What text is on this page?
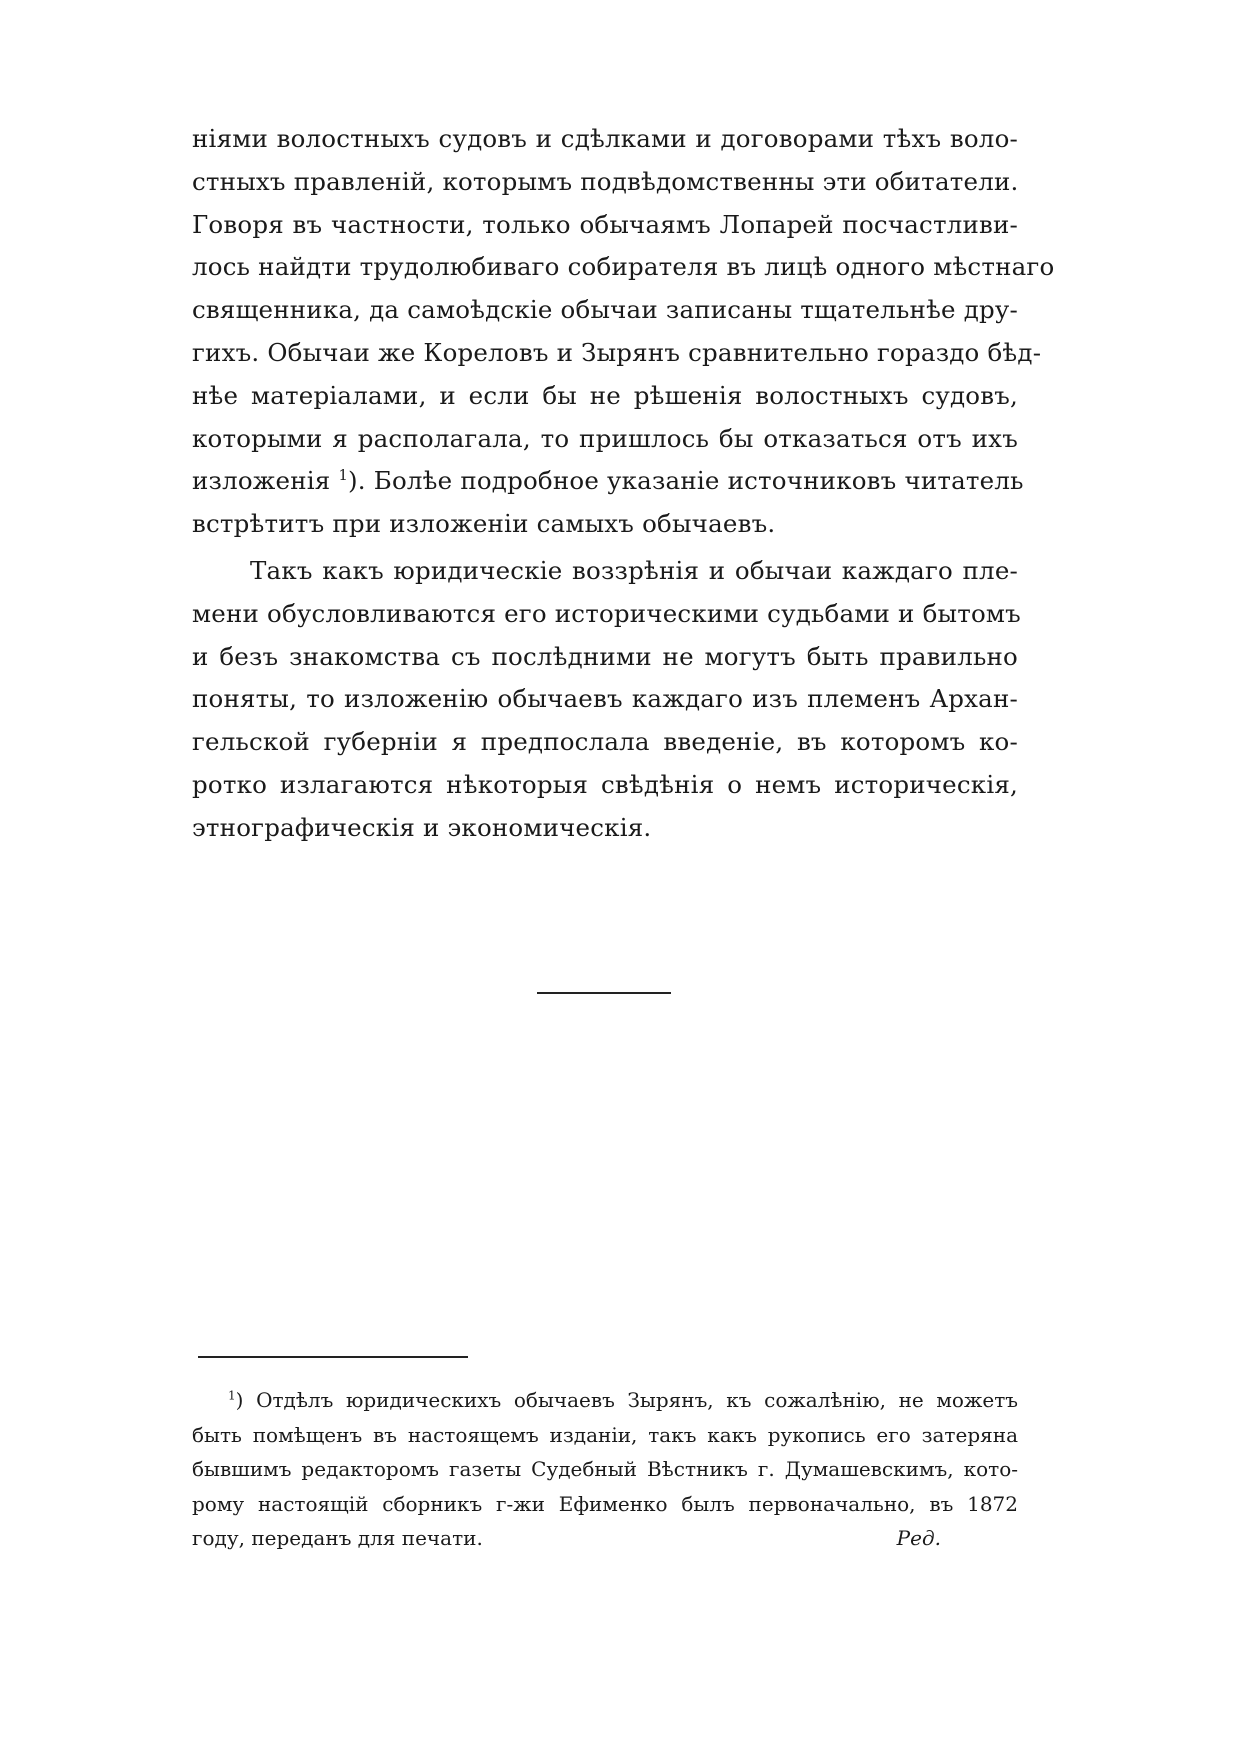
ніями волостныхъ судовъ и сдѣлками и договорами тѣхъ воло-
стныхъ правленій, которымъ подвѣдомственны эти обитатели.
Говоря въ частности, только обычаямъ Лопарей посчастливи-
лось найдти трудолюбиваго собирателя въ лицѣ одного мѣстнаго
священника, да самоѣдскіе обычаи записаны тщательнѣе дру-
гихъ. Обычаи же Кореловъ и Зырянъ сравнительно гораздо бѣд-
нѣе матеріалами, и если бы не рѣшенія волостныхъ судовъ,
которыми я располагала, то пришлось бы отказаться отъ ихъ
изложенія $^1$). Болѣе подробное указаніе источниковъ читатель
встрѣтитъ при изложеніи самыхъ обычаевъ.
Такъ какъ юридическіе воззрѣнія и обычаи каждаго пле-
мени обусловливаются его историческими судьбами и бытомъ
и безъ знакомства съ послѣдними не могутъ быть правильно
поняты, то изложенію обычаевъ каждаго изъ племенъ Архан-
гельской губерніи я предпослала введеніе, въ которомъ ко-
ротко излагаются нѣкоторыя свѣдѣнія о немъ историческія,
этнографическія и экономическія.
$^1$) Отдѣлъ юридическихъ обычаевъ Зырянъ, къ сожалѣнію, не можетъ
быть помѣщенъ въ настоящемъ изданіи, такъ какъ рукопись его затеряна
бывшимъ редакторомъ газеты Судебный Вѣстникъ г. Думашевскимъ, кото-
рому настоящій сборникъ г-жи Ефименко былъ первоначально, въ 1872
году, переданъ для печати.	Ред.
